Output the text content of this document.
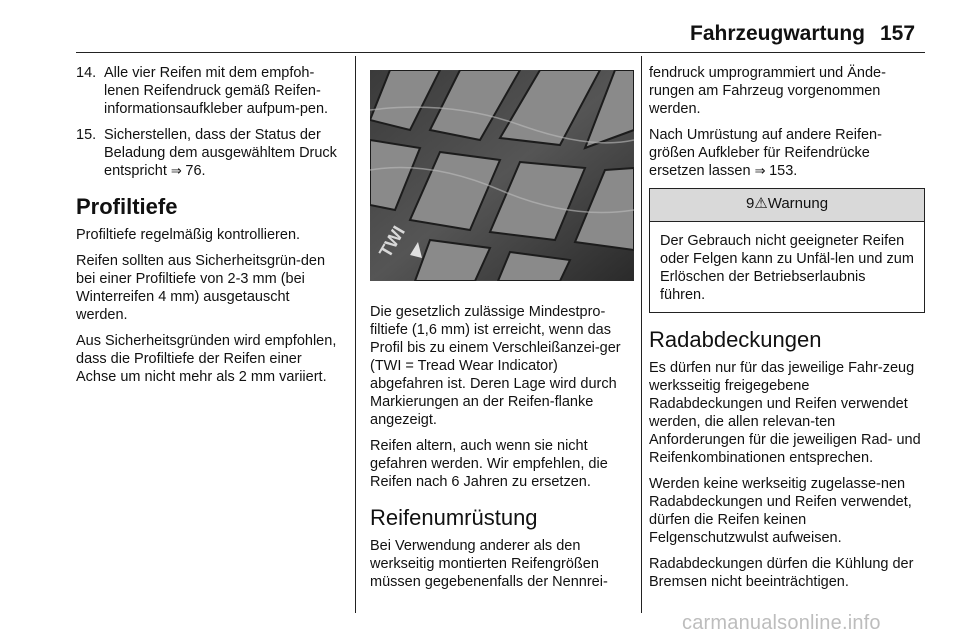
Fahrzeugwartung 157
14. Alle vier Reifen mit dem empfoh-lenen Reifendruck gemäß Reifen-informationsaufkleber aufpum-pen.
15. Sicherstellen, dass der Status der Beladung dem ausgewähltem Druck entspricht ⇒ 76.
Profiltiefe

Profiltiefe regelmäßig kontrollieren.

Reifen sollten aus Sicherheitsgrün-den bei einer Profiltiefe von 2-3 mm (bei Winterreifen 4 mm) ausgetauscht werden.

Aus Sicherheitsgründen wird empfohlen, dass die Profiltiefe der Reifen einer Achse um nicht mehr als 2 mm variiert.

TWI

Die gesetzlich zulässige Mindestpro-filtiefe (1,6 mm) ist erreicht, wenn das Profil bis zu einem Verschleißanzei-ger (TWI = Tread Wear Indicator) abgefahren ist. Deren Lage wird durch Markierungen an der Reifen-flanke angezeigt.

Reifen altern, auch wenn sie nicht gefahren werden. Wir empfehlen, die Reifen nach 6 Jahren zu ersetzen.

Reifenumrüstung

Bei Verwendung anderer als den werkseitig montierten Reifengrößen müssen gegebenenfalls der Nennrei-

fendruck umprogrammiert und Ände-rungen am Fahrzeug vorgenommen werden.

Nach Umrüstung auf andere Reifen-größen Aufkleber für Reifendrücke ersetzen lassen ⇒ 153.

9⚠Warnung
Der Gebrauch nicht geeigneter Reifen oder Felgen kann zu Unfäl-len und zum Erlöschen der Betriebserlaubnis führen.
Radabdeckungen

Es dürfen nur für das jeweilige Fahr-zeug werksseitig freigegebene Radabdeckungen und Reifen verwendet werden, die allen relevan-ten Anforderungen für die jeweiligen Rad- und Reifenkombinationen entsprechen.

Werden keine werkseitig zugelasse-nen Radabdeckungen und Reifen verwendet, dürfen die Reifen keinen Felgenschutzwulst aufweisen.

Radabdeckungen dürfen die Kühlung der Bremsen nicht beeinträchtigen.

carmanualsonline.info
